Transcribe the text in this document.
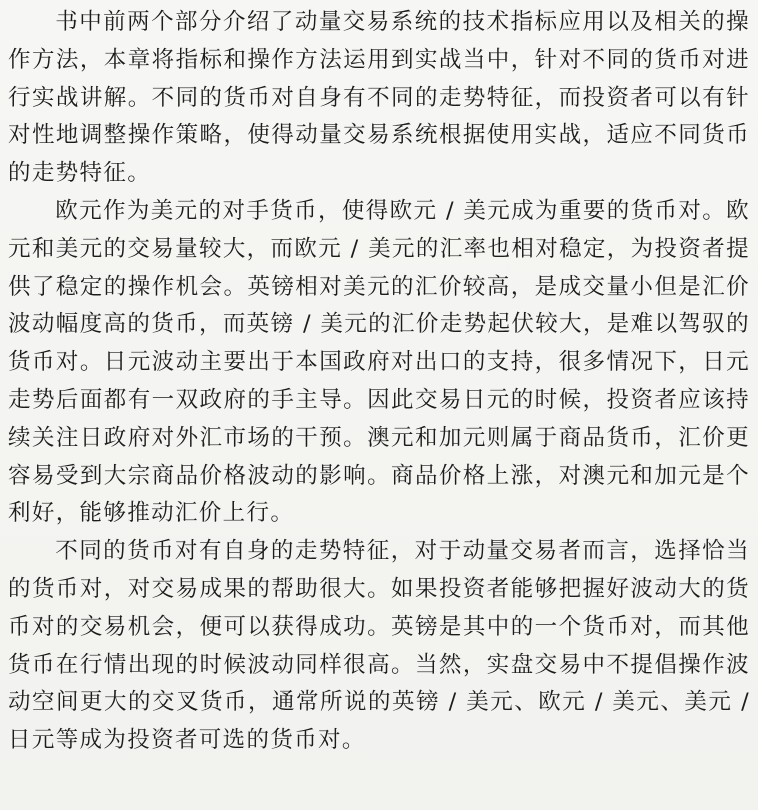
书中前两个部分介绍了动量交易系统的技术指标应用以及相关的操作方法，本章将指标和操作方法运用到实战当中，针对不同的货币对进行实战讲解。不同的货币对自身有不同的走势特征，而投资者可以有针对性地调整操作策略，使得动量交易系统根据使用实战，适应不同货币的走势特征。

欧元作为美元的对手货币，使得欧元 / 美元成为重要的货币对。欧元和美元的交易量较大，而欧元 / 美元的汇率也相对稳定，为投资者提供了稳定的操作机会。英镑相对美元的汇价较高，是成交量小但是汇价波动幅度高的货币，而英镑 / 美元的汇价走势起伏较大，是难以驾驭的货币对。日元波动主要出于本国政府对出口的支持，很多情况下，日元走势后面都有一双政府的手主导。因此交易日元的时候，投资者应该持续关注日政府对外汇市场的干预。澳元和加元则属于商品货币，汇价更容易受到大宗商品价格波动的影响。商品价格上涨，对澳元和加元是个利好，能够推动汇价上行。

不同的货币对有自身的走势特征，对于动量交易者而言，选择恰当的货币对，对交易成果的帮助很大。如果投资者能够把握好波动大的货币对的交易机会，便可以获得成功。英镑是其中的一个货币对，而其他货币在行情出现的时候波动同样很高。当然，实盘交易中不提倡操作波动空间更大的交叉货币，通常所说的英镑 / 美元、欧元 / 美元、美元 / 日元等成为投资者可选的货币对。
